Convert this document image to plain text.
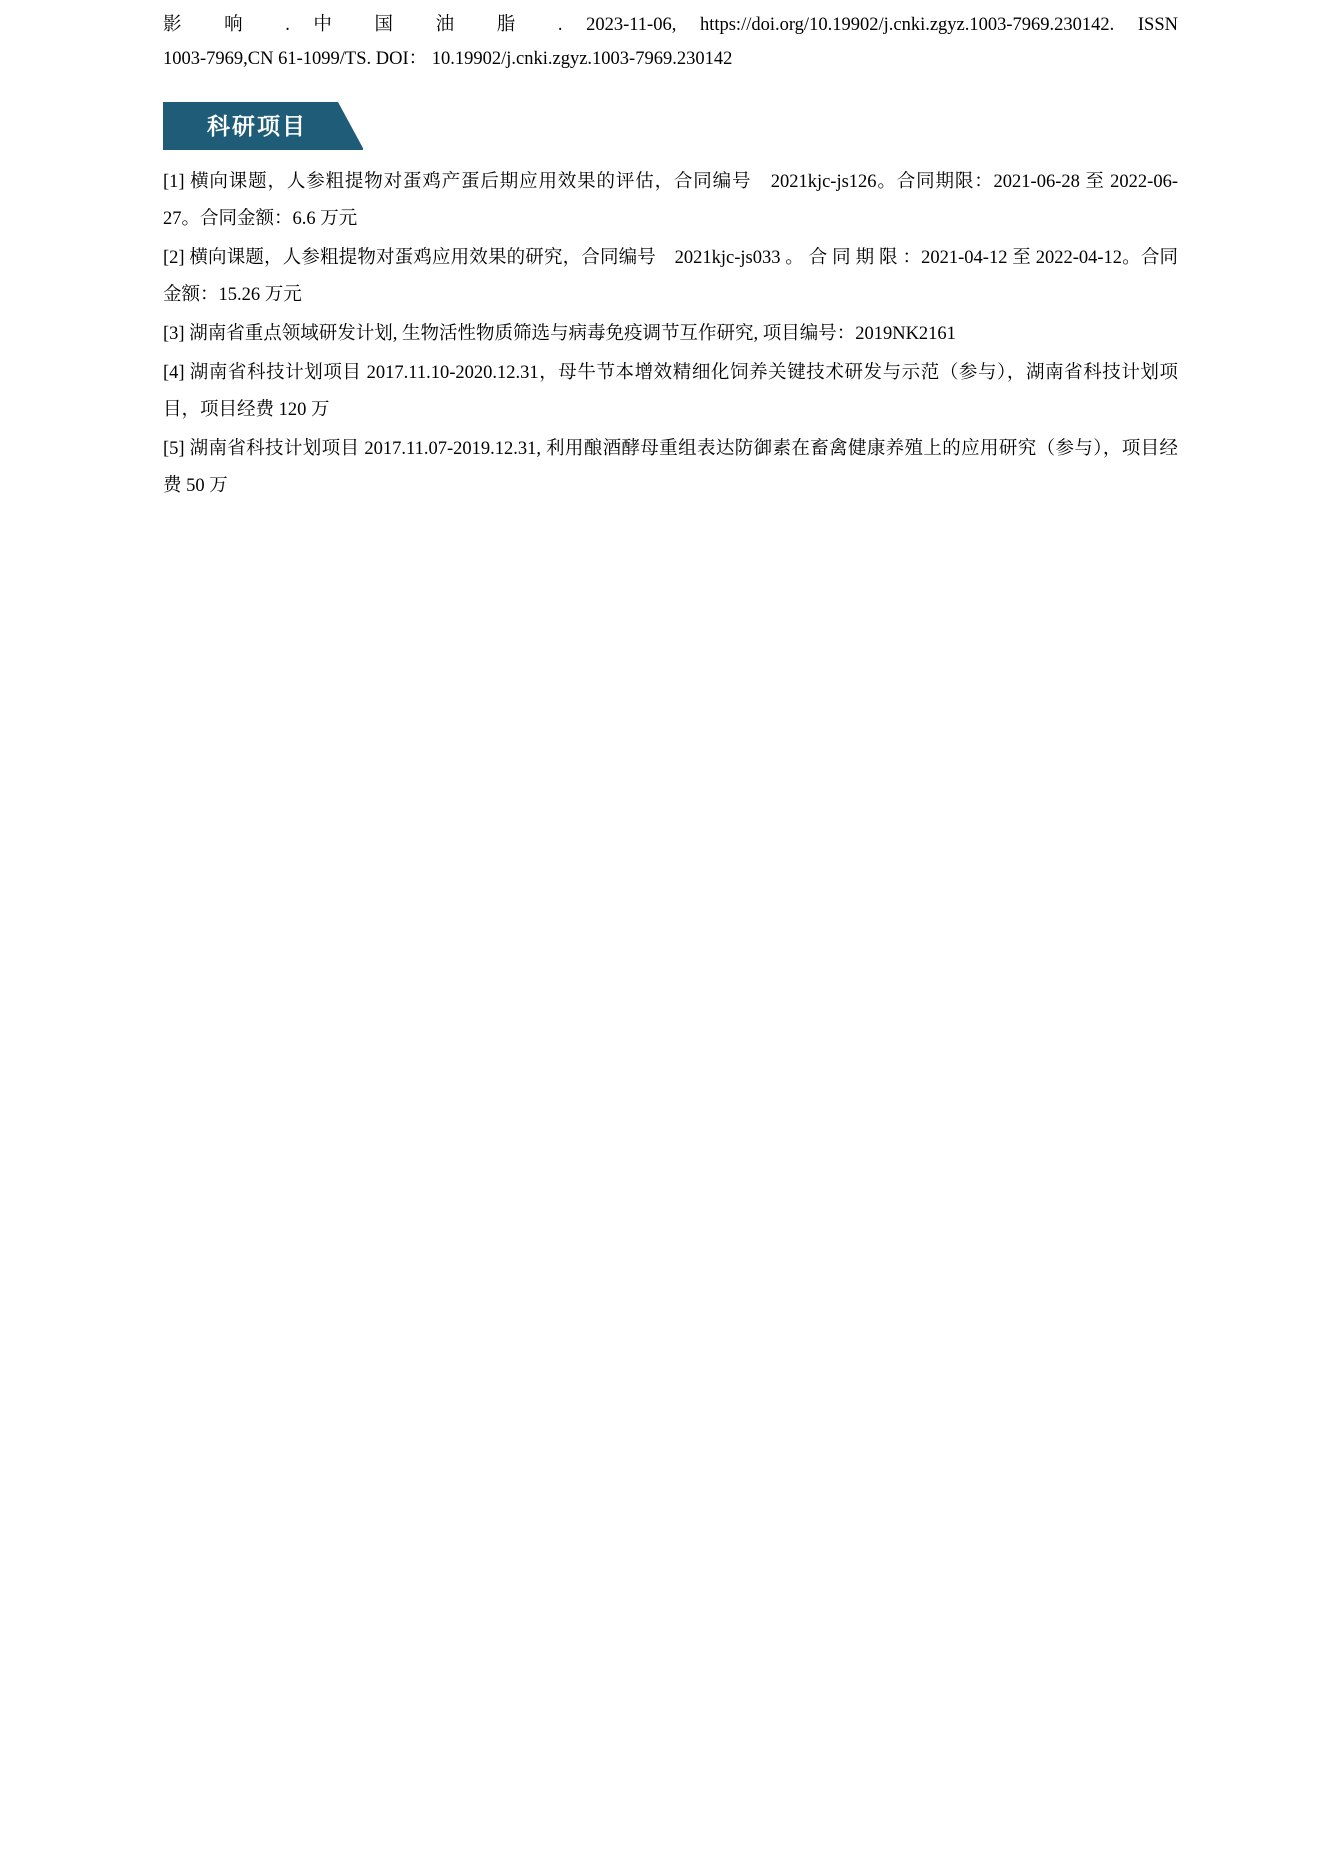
影 响 . 中 国 油 脂 . 2023-11-06, https://doi.org/10.19902/j.cnki.zgyz.1003-7969.230142. ISSN
1003-7969,CN 61-1099/TS. DOI： 10.19902/j.cnki.zgyz.1003-7969.230142
科研项目

[1] 横向课题，人参粗提物对蛋鸡产蛋后期应用效果的评估，合同编号　2021kjc-js126。合同期限：2021-06-28 至 2022-06-27。合同金额：6.6 万元

[2] 横向课题，人参粗提物对蛋鸡应用效果的研究，合同编号　2021kjc-js033 。 合 同 期 限 ：2021-04-12 至 2022-04-12。合同金额：15.26 万元

[3] 湖南省重点领域研发计划, 生物活性物质筛选与病毒免疫调节互作研究, 项目编号：2019NK2161

[4] 湖南省科技计划项目 2017.11.10-2020.12.31，母牛节本增效精细化饲养关键技术研发与示范（参与），湖南省科技计划项目，项目经费 120 万

[5] 湖南省科技计划项目 2017.11.07-2019.12.31, 利用酿酒酵母重组表达防御素在畜禽健康养殖上的应用研究（参与），项目经费 50 万
